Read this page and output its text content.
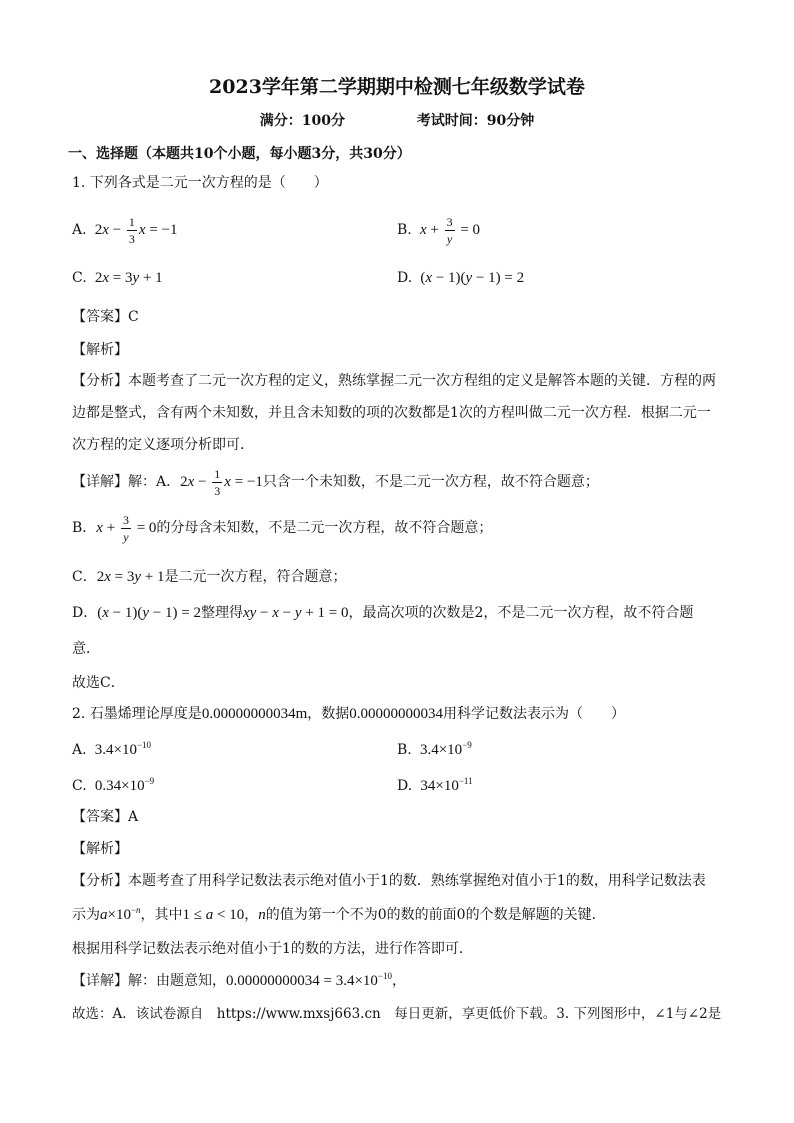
2023学年第二学期期中检测七年级数学试卷
满分：100分	考试时间：90分钟
一、选择题（本题共10个小题，每小题3分，共30分）
1. 下列各式是二元一次方程的是（　　）
A.  $2x - \frac{1}{3}$ x = −1	B. $x + \frac{3}{y} = 0$
C.  2x = 3y + 1	D.  (x − 1)(y − 1) = 2
【答案】C
【解析】
【分析】本题考查了二元一次方程的定义，熟练掌握二元一次方程组的定义是解答本题的关键．方程的两
边都是整式，含有两个未知数，并且含未知数的项的次数都是1次的方程叫做二元一次方程．根据二元一
次方程的定义逐项分析即可．
【详解】解：A．$2x - \frac{1}{3}$ x = −1只含一个未知数，不是二元一次方程，故不符合题意；
B．$x + \frac{3}{y} = 0$的分母含未知数，不是二元一次方程，故不符合题意；
C．2x = 3y + 1是二元一次方程，符合题意；
D．(x − 1)(y − 1) = 2整理得xy − x − y + 1 = 0，最高次项的次数是2，不是二元一次方程，故不符合题
意．
故选C．
2. 石墨烯理论厚度是0.00000000034m，数据0.00000000034用科学记数法表示为（　　）
A.  $3.4\times 10^{-10}$	B.  $3.4\times 10^{-9}$
C.  $0.34\times 10^{-9}$	D.  $34\times 10^{-11}$
【答案】A
【解析】
【分析】本题考查了用科学记数法表示绝对值小于1的数．熟练掌握绝对值小于1的数，用科学记数法表
示为$a\times 10^{-n}$，其中1 ≤ a < 10，n的值为第一个不为0的数的前面0的个数是解题的关键．
根据用科学记数法表示绝对值小于1的数的方法，进行作答即可．
【详解】解：由题意知，$0.00000000034 = 3.4\times 10^{-10}$，
故选：A．该试卷源自　https://www.mxsj663.cn　每日更新，享更低价下载。3. 下列图形中，∠1与∠2是
